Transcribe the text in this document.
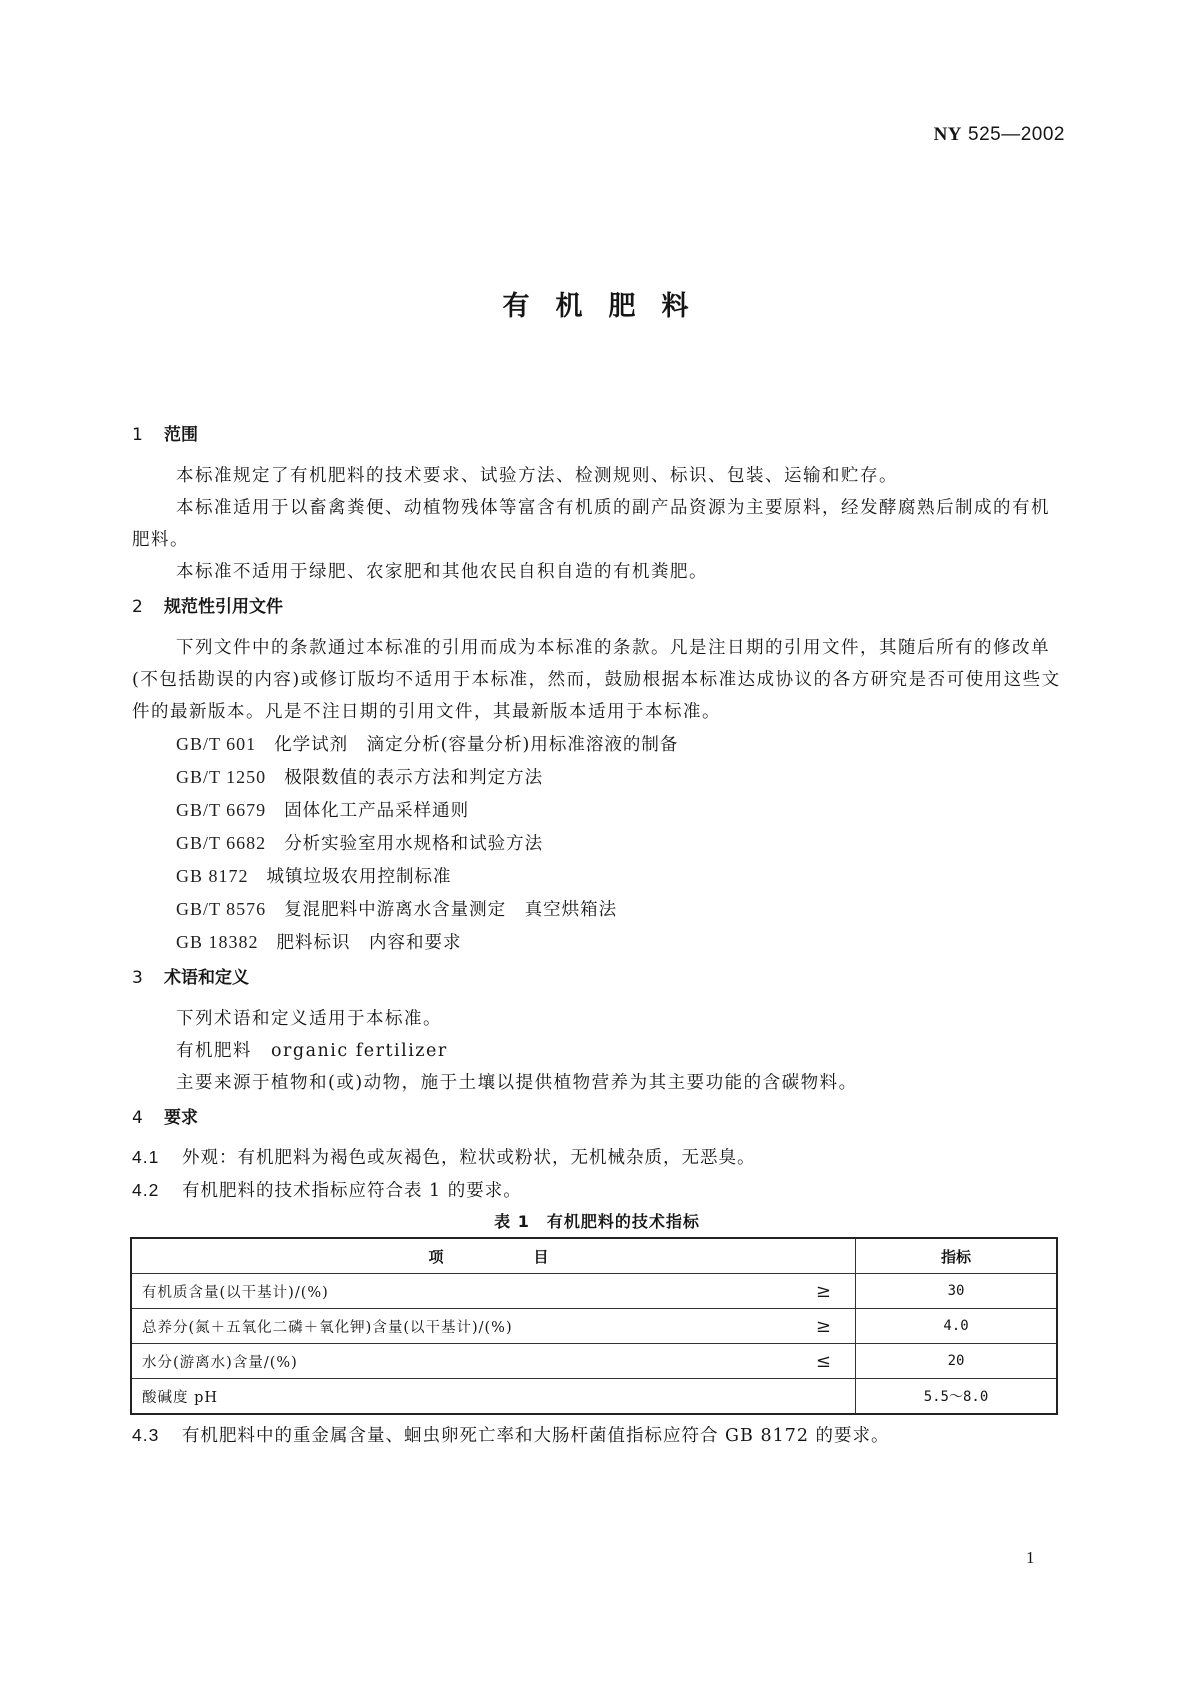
NY 525—2002
有机肥料
1 范围

本标准规定了有机肥料的技术要求、试验方法、检测规则、标识、包装、运输和贮存。

本标准适用于以畜禽粪便、动植物残体等富含有机质的副产品资源为主要原料，经发酵腐熟后制成的有机肥料。

本标准不适用于绿肥、农家肥和其他农民自积自造的有机粪肥。

2 规范性引用文件

下列文件中的条款通过本标准的引用而成为本标准的条款。凡是注日期的引用文件，其随后所有的修改单(不包括勘误的内容)或修订版均不适用于本标准，然而，鼓励根据本标准达成协议的各方研究是否可使用这些文件的最新版本。凡是不注日期的引用文件，其最新版本适用于本标准。

GB/T 601 化学试剂　滴定分析(容量分析)用标准溶液的制备
GB/T 1250 极限数值的表示方法和判定方法
GB/T 6679 固体化工产品采样通则
GB/T 6682 分析实验室用水规格和试验方法
GB 8172 城镇垃圾农用控制标准
GB/T 8576 复混肥料中游离水含量测定　真空烘箱法
GB 18382 肥料标识　内容和要求
3 术语和定义

下列术语和定义适用于本标准。

有机肥料　organic fertilizer

主要来源于植物和(或)动物，施于土壤以提供植物营养为其主要功能的含碳物料。

4 要求
4.1 外观：有机肥料为褐色或灰褐色，粒状或粉状，无机械杂质，无恶臭。
4.2 有机肥料的技术指标应符合表 1 的要求。
表 1　有机肥料的技术指标
项目		指标
有机质含量(以干基计)/(%)	≥	30
总养分(氮＋五氧化二磷＋氧化钾)含量(以干基计)/(%)	≥	4.0
水分(游离水)含量/(%)	≤	20
酸碱度 pH		5.5～8.0
4.3 有机肥料中的重金属含量、蛔虫卵死亡率和大肠杆菌值指标应符合 GB 8172 的要求。
1
